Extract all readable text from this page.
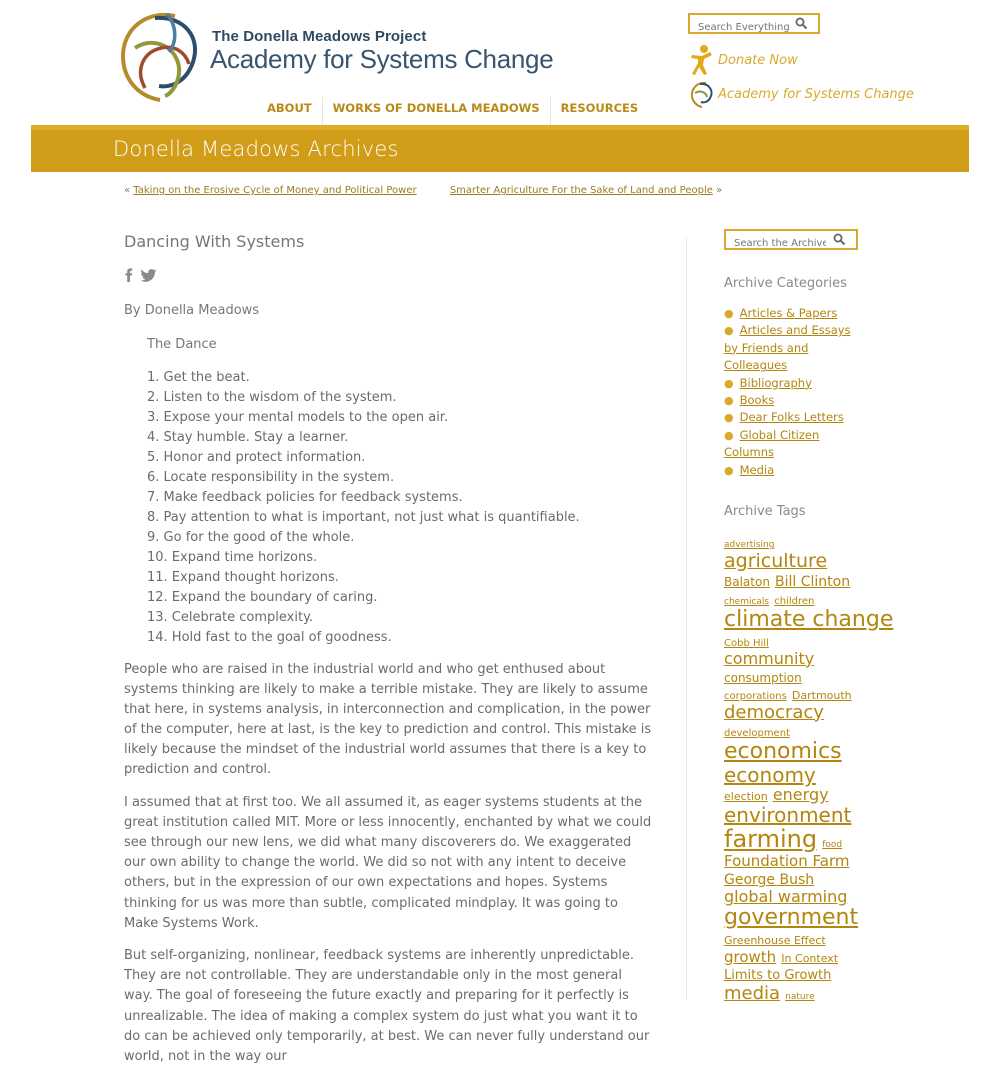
The Donella Meadows Project
Academy for Systems Change
Search Everything	Donate Now
Academy for Systems Change
ABOUT	WORKS OF DONELLA MEADOWS	RESOURCES
Donella Meadows Archives
« Taking on the Erosive Cycle of Money and Political Power	Smarter Agriculture For the Sake of Land and People »
Dancing With Systems

By Donella Meadows

The Dance

1. Get the beat.
2. Listen to the wisdom of the system.
3. Expose your mental models to the open air.
4. Stay humble. Stay a learner.
5. Honor and protect information.
6. Locate responsibility in the system.
7. Make feedback policies for feedback systems.
8. Pay attention to what is important, not just what is quantifiable.
9. Go for the good of the whole.
10. Expand time horizons.
11. Expand thought horizons.
12. Expand the boundary of caring.
13. Celebrate complexity.
14. Hold fast to the goal of goodness.

People who are raised in the industrial world and who get enthused about systems thinking are likely to make a terrible mistake. They are likely to assume that here, in systems analysis, in interconnection and complication, in the power of the computer, here at last, is the key to prediction and control. This mistake is likely because the mindset of the industrial world assumes that there is a key to prediction and control.

I assumed that at first too. We all assumed it, as eager systems students at the great institution called MIT. More or less innocently, enchanted by what we could see through our new lens, we did what many discoverers do. We exaggerated our own ability to change the world. We did so not with any intent to deceive others, but in the expression of our own expectations and hopes. Systems thinking for us was more than subtle, complicated mindplay. It was going to Make Systems Work.

But self-organizing, nonlinear, feedback systems are inherently unpredictable. They are not controllable. They are understandable only in the most general way. The goal of foreseeing the future exactly and preparing for it perfectly is unrealizable. The idea of making a complex system do just what you want it to do can be achieved only temporarily, at best. We can never fully understand our world, not in the way our

Search the Archives
Archive Categories
● Articles & Papers
● Articles and Essays by Friends and Colleagues
● Bibliography
● Books
● Dear Folks Letters
● Global Citizen Columns
● Media
Archive Tags
advertising agriculture Balaton Bill Clinton chemicals children climate change Cobb Hill community consumption corporations Dartmouth democracy development economics economy election energy environment farming food Foundation Farm George Bush global warming government Greenhouse Effect growth In Context Limits to Growth media nature
